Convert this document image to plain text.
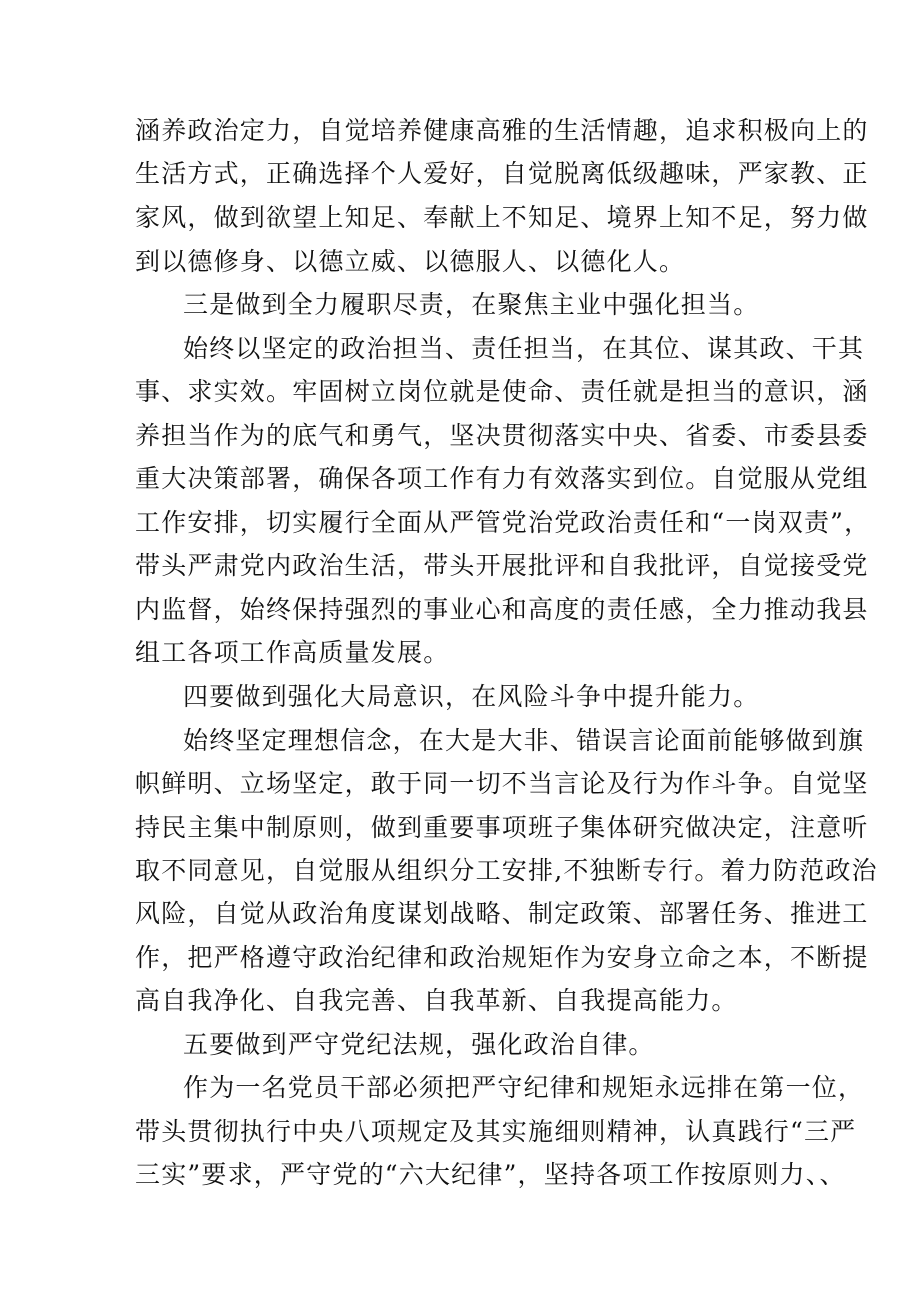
涵养政治定力，自觉培养健康高雅的生活情趣，追求积极向上的
生活方式，正确选择个人爱好，自觉脱离低级趣味，严家教、正
家风，做到欲望上知足、奉献上不知足、境界上知不足，努力做
到以德修身、以德立威、以德服人、以德化人。
三是做到全力履职尽责，在聚焦主业中强化担当。
始终以坚定的政治担当、责任担当，在其位、谋其政、干其
事、求实效。牢固树立岗位就是使命、责任就是担当的意识，涵
养担当作为的底气和勇气，坚决贯彻落实中央、省委、市委县委
重大决策部署，确保各项工作有力有效落实到位。自觉服从党组
工作安排，切实履行全面从严管党治党政治责任和“一岗双责”，
带头严肃党内政治生活，带头开展批评和自我批评，自觉接受党
内监督，始终保持强烈的事业心和高度的责任感，全力推动我县
组工各项工作高质量发展。
四要做到强化大局意识，在风险斗争中提升能力。
始终坚定理想信念，在大是大非、错误言论面前能够做到旗
帜鲜明、立场坚定，敢于同一切不当言论及行为作斗争。自觉坚
持民主集中制原则，做到重要事项班子集体研究做决定，注意听
取不同意见，自觉服从组织分工安排,不独断专行。着力防范政治
风险，自觉从政治角度谋划战略、制定政策、部署任务、推进工
作，把严格遵守政治纪律和政治规矩作为安身立命之本，不断提
高自我净化、自我完善、自我革新、自我提高能力。
五要做到严守党纪法规，强化政治自律。
作为一名党员干部必须把严守纪律和规矩永远排在第一位，
带头贯彻执行中央八项规定及其实施细则精神，认真践行“三严
三实”要求，严守党的“六大纪律”，坚持各项工作按原则力、、
